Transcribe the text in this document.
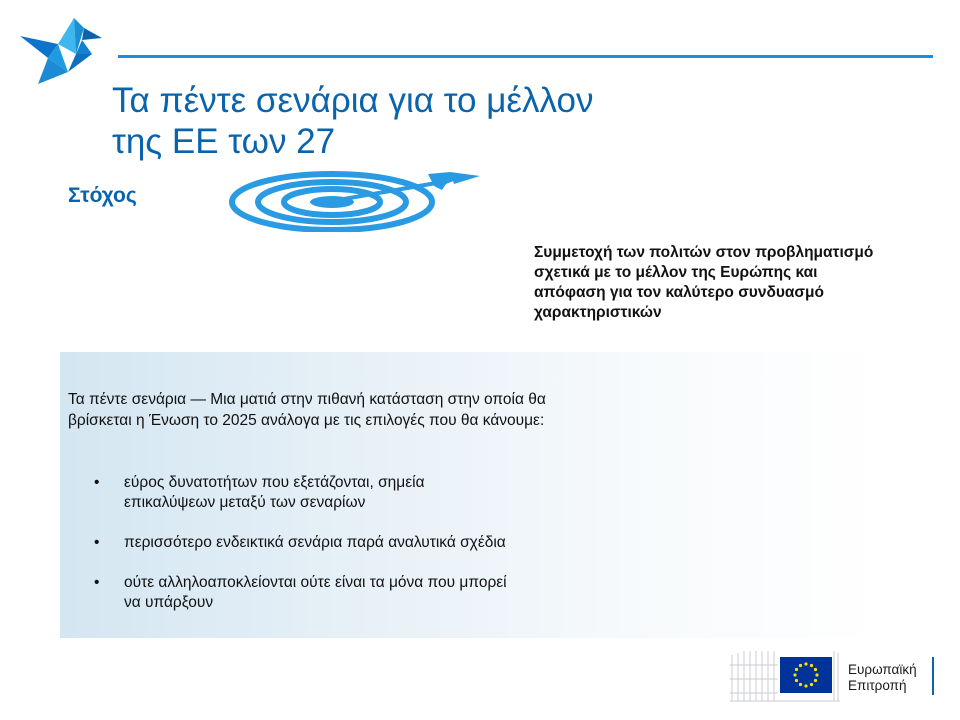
Τα πέντε σενάρια για το μέλλον
της ΕΕ των 27
Στόχος
Συμμετοχή των πολιτών στον προβληματισμό σχετικά με το μέλλον της Ευρώπης και απόφαση για τον καλύτερο συνδυασμό χαρακτηριστικών
Τα πέντε σενάρια — Μια ματιά στην πιθανή κατάσταση στην οποία θα βρίσκεται η Ένωση το 2025 ανάλογα με τις επιλογές που θα κάνουμε:
• εύρος δυνατοτήτων που εξετάζονται, σημεία επικαλύψεων μεταξύ των σεναρίων
• περισσότερο ενδεικτικά σενάρια παρά αναλυτικά σχέδια
• ούτε αλληλοαποκλείονται ούτε είναι τα μόνα που μπορεί να υπάρξουν
Ευρωπαϊκή
Επιτροπή
